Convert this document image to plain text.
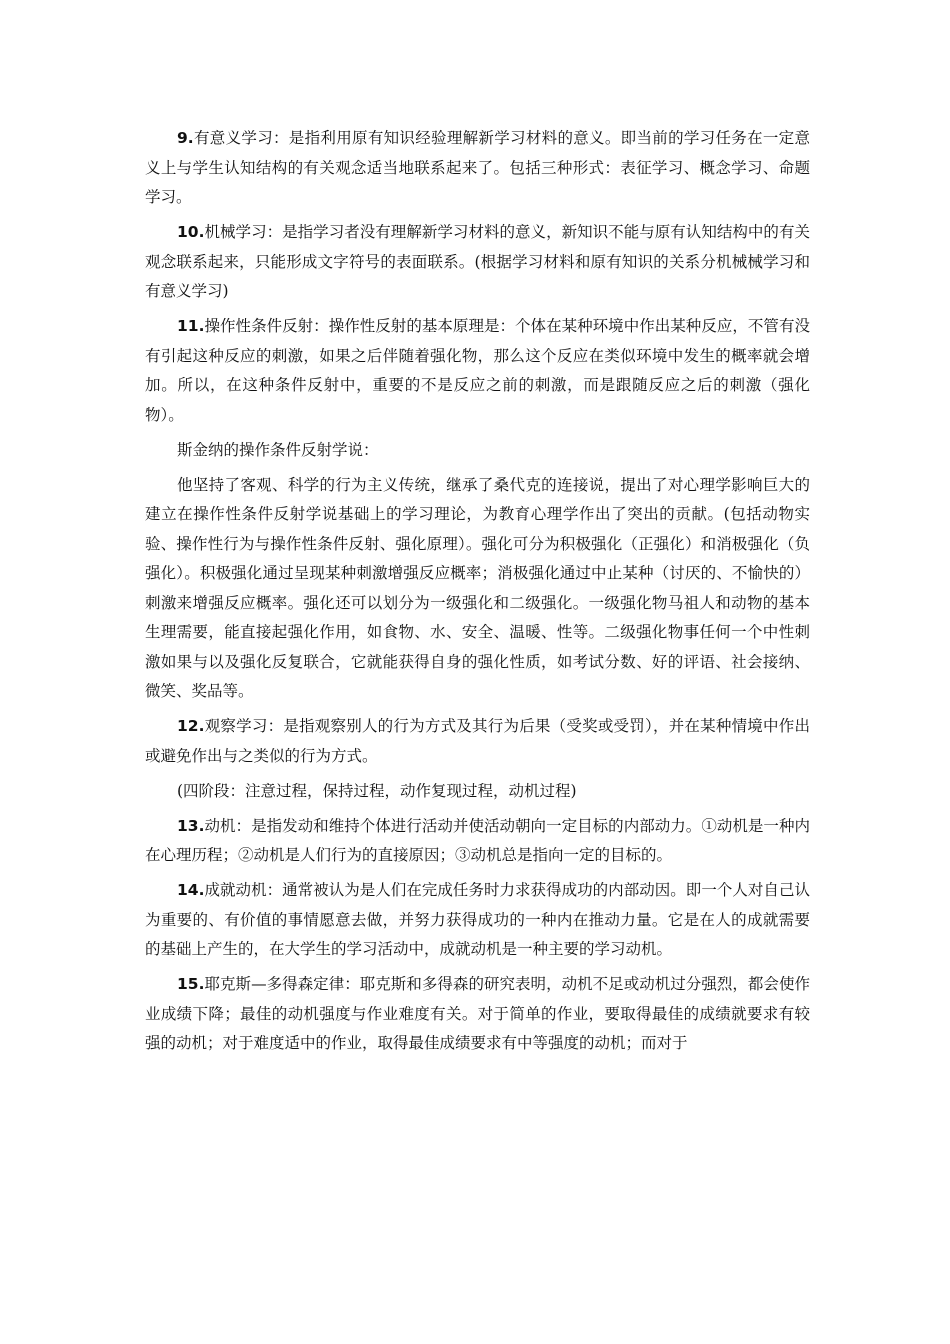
9.有意义学习：是指利用原有知识经验理解新学习材料的意义。即当前的学习任务在一定意义上与学生认知结构的有关观念适当地联系起来了。包括三种形式：表征学习、概念学习、命题学习。

10.机械学习：是指学习者没有理解新学习材料的意义，新知识不能与原有认知结构中的有关观念联系起来，只能形成文字符号的表面联系。(根据学习材料和原有知识的关系分机械械学习和有意义学习)

11.操作性条件反射：操作性反射的基本原理是：个体在某种环境中作出某种反应，不管有没有引起这种反应的刺激，如果之后伴随着强化物，那么这个反应在类似环境中发生的概率就会增加。所以，在这种条件反射中，重要的不是反应之前的刺激，而是跟随反应之后的刺激（强化物）。

斯金纳的操作条件反射学说：

他坚持了客观、科学的行为主义传统，继承了桑代克的连接说，提出了对心理学影响巨大的建立在操作性条件反射学说基础上的学习理论，为教育心理学作出了突出的贡献。(包括动物实验、操作性行为与操作性条件反射、强化原理）。强化可分为积极强化（正强化）和消极强化（负强化）。积极强化通过呈现某种刺激增强反应概率；消极强化通过中止某种（讨厌的、不愉快的）刺激来增强反应概率。强化还可以划分为一级强化和二级强化。一级强化物马祖人和动物的基本生理需要，能直接起强化作用，如食物、水、安全、温暖、性等。二级强化物事任何一个中性刺激如果与以及强化反复联合，它就能获得自身的强化性质，如考试分数、好的评语、社会接纳、微笑、奖品等。

12.观察学习：是指观察别人的行为方式及其行为后果（受奖或受罚），并在某种情境中作出或避免作出与之类似的行为方式。

(四阶段：注意过程，保持过程，动作复现过程，动机过程)

13.动机：是指发动和维持个体进行活动并使活动朝向一定目标的内部动力。①动机是一种内在心理历程；②动机是人们行为的直接原因；③动机总是指向一定的目标的。

14.成就动机：通常被认为是人们在完成任务时力求获得成功的内部动因。即一个人对自己认为重要的、有价值的事情愿意去做，并努力获得成功的一种内在推动力量。它是在人的成就需要的基础上产生的，在大学生的学习活动中，成就动机是一种主要的学习动机。

15.耶克斯—多得森定律：耶克斯和多得森的研究表明，动机不足或动机过分强烈，都会使作业成绩下降；最佳的动机强度与作业难度有关。对于简单的作业，要取得最佳的成绩就要求有较强的动机；对于难度适中的作业，取得最佳成绩要求有中等强度的动机；而对于
